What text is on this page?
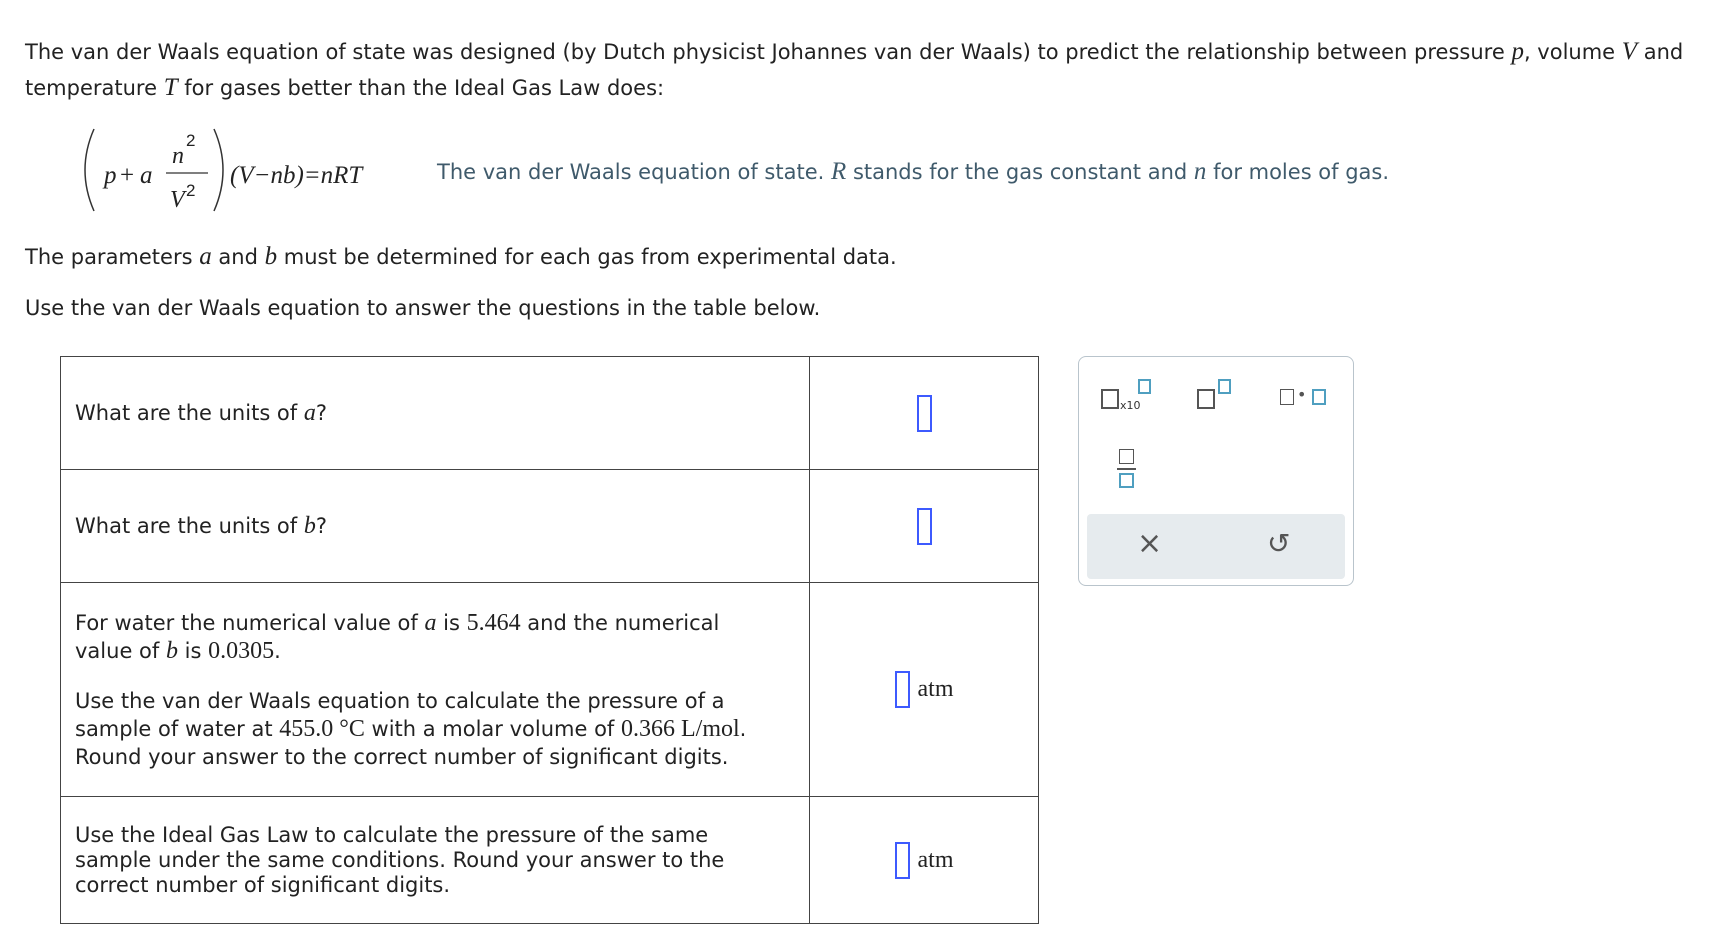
The van der Waals equation of state was designed (by Dutch physicist Johannes van der Waals) to predict the relationship between pressure p, volume V and
temperature T for gases better than the Ideal Gas Law does:
p + a
n
2
V 2
(V−nb)=nRT	The van der Waals equation of state. R stands for the gas constant and n for moles of gas.
The parameters a and b must be determined for each gas from experimental data.
Use the van der Waals equation to answer the questions in the table below.
What are the units of a?	
What are the units of b?	

For water the numerical value of a is 5.464 and the numerical
value of b is 0.0305.
Use the van der Waals equation to calculate the pressure of a
sample of water at 455.0 °C with a molar volume of 0.366 L/mol.
Round your answer to the correct number of significant digits.	atm

Use the Ideal Gas Law to calculate the pressure of the same
sample under the same conditions. Round your answer to the
correct number of significant digits.	atm
x10
•
×	↺
